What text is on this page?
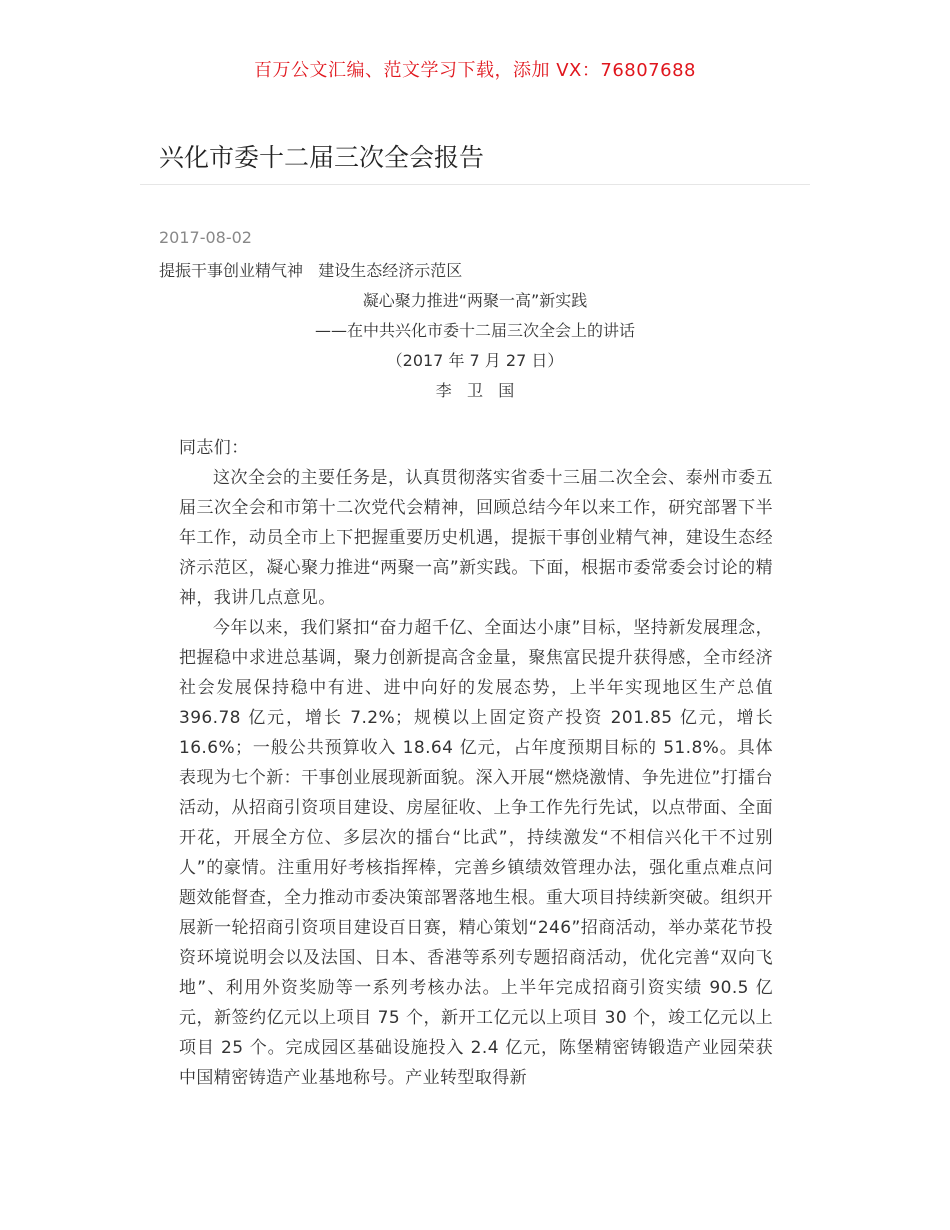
百万公文汇编、范文学习下载，添加 VX：76807688
兴化市委十二届三次全会报告
2017-08-02
提振干事创业精气神   建设生态经济示范区
凝心聚力推进“两聚一高”新实践
——在中共兴化市委十二届三次全会上的讲话
（2017 年 7 月 27 日）
李   卫   国

同志们：

这次全会的主要任务是，认真贯彻落实省委十三届二次全会、泰州市委五届三次全会和市第十二次党代会精神，回顾总结今年以来工作，研究部署下半年工作，动员全市上下把握重要历史机遇，提振干事创业精气神，建设生态经济示范区，凝心聚力推进“两聚一高”新实践。下面，根据市委常委会讨论的精神，我讲几点意见。

今年以来，我们紧扣“奋力超千亿、全面达小康”目标，坚持新发展理念，把握稳中求进总基调，聚力创新提高含金量，聚焦富民提升获得感，全市经济社会发展保持稳中有进、进中向好的发展态势，上半年实现地区生产总值 396.78 亿元，增长 7.2%；规模以上固定资产投资 201.85 亿元，增长 16.6%；一般公共预算收入 18.64 亿元，占年度预期目标的 51.8%。具体表现为七个新：干事创业展现新面貌。深入开展“燃烧激情、争先进位”打擂台活动，从招商引资项目建设、房屋征收、上争工作先行先试，以点带面、全面开花，开展全方位、多层次的擂台“比武”，持续激发“不相信兴化干不过别人”的豪情。注重用好考核指挥棒，完善乡镇绩效管理办法，强化重点难点问题效能督查，全力推动市委决策部署落地生根。重大项目持续新突破。组织开展新一轮招商引资项目建设百日赛，精心策划“246”招商活动，举办菜花节投资环境说明会以及法国、日本、香港等系列专题招商活动，优化完善“双向飞地”、利用外资奖励等一系列考核办法。上半年完成招商引资实绩 90.5 亿元，新签约亿元以上项目 75 个，新开工亿元以上项目 30 个，竣工亿元以上项目 25 个。完成园区基础设施投入 2.4 亿元，陈堡精密铸锻造产业园荣获中国精密铸造产业基地称号。产业转型取得新
